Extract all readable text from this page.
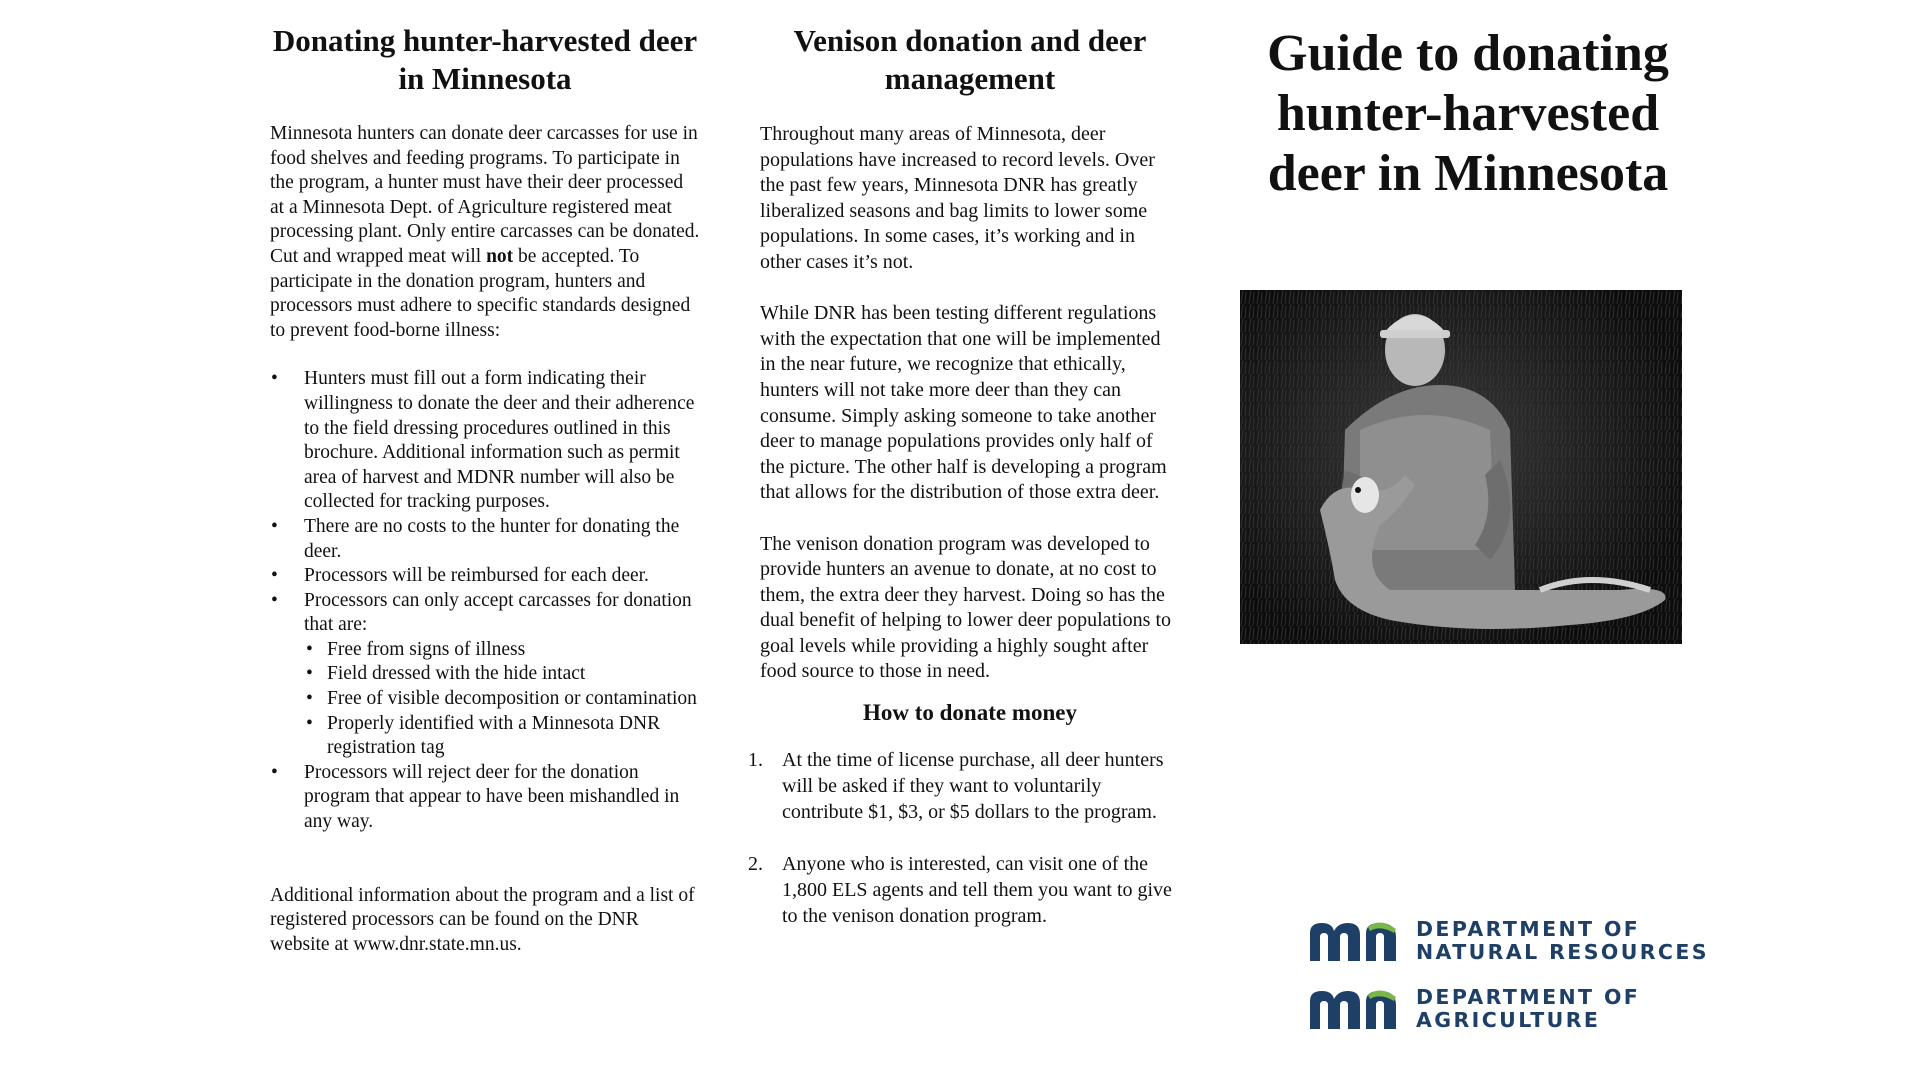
Donating hunter-harvested deer in Minnesota

Minnesota hunters can donate deer carcasses for use in food shelves and feeding programs. To participate in the program, a hunter must have their deer processed at a Minnesota Dept. of Agriculture registered meat processing plant. Only entire carcasses can be donated. Cut and wrapped meat will not be accepted. To participate in the donation program, hunters and processors must adhere to specific standards designed to prevent food-borne illness:

• Hunters must fill out a form indicating their willingness to donate the deer and their adherence to the field dressing procedures outlined in this brochure. Additional information such as permit area of harvest and MDNR number will also be collected for tracking purposes.
• There are no costs to the hunter for donating the deer.
• Processors will be reimbursed for each deer.
• Processors can only accept carcasses for donation that are:
• Free from signs of illness
• Field dressed with the hide intact
• Free of visible decomposition or contamination
• Properly identified with a Minnesota DNR registration tag
• Processors will reject deer for the donation program that appear to have been mishandled in any way.

Additional information about the program and a list of registered processors can be found on the DNR website at www.dnr.state.mn.us.

Venison donation and deer management

Throughout many areas of Minnesota, deer populations have increased to record levels. Over the past few years, Minnesota DNR has greatly liberalized seasons and bag limits to lower some populations. In some cases, it’s working and in other cases it’s not.

While DNR has been testing different regulations with the expectation that one will be implemented in the near future, we recognize that ethically, hunters will not take more deer than they can consume. Simply asking someone to take another deer to manage populations provides only half of the picture. The other half is developing a program that allows for the distribution of those extra deer.

The venison donation program was developed to provide hunters an avenue to donate, at no cost to them, the extra deer they harvest. Doing so has the dual benefit of helping to lower deer populations to goal levels while providing a highly sought after food source to those in need.

How to donate money
1. At the time of license purchase, all deer hunters will be asked if they want to voluntarily contribute $1, $3, or $5 dollars to the program.
2. Anyone who is interested, can visit one of the 1,800 ELS agents and tell them you want to give to the venison donation program.
Guide to donating hunter-harvested deer in Minnesota
DEPARTMENT OF
NATURAL RESOURCES
DEPARTMENT OF
AGRICULTURE
